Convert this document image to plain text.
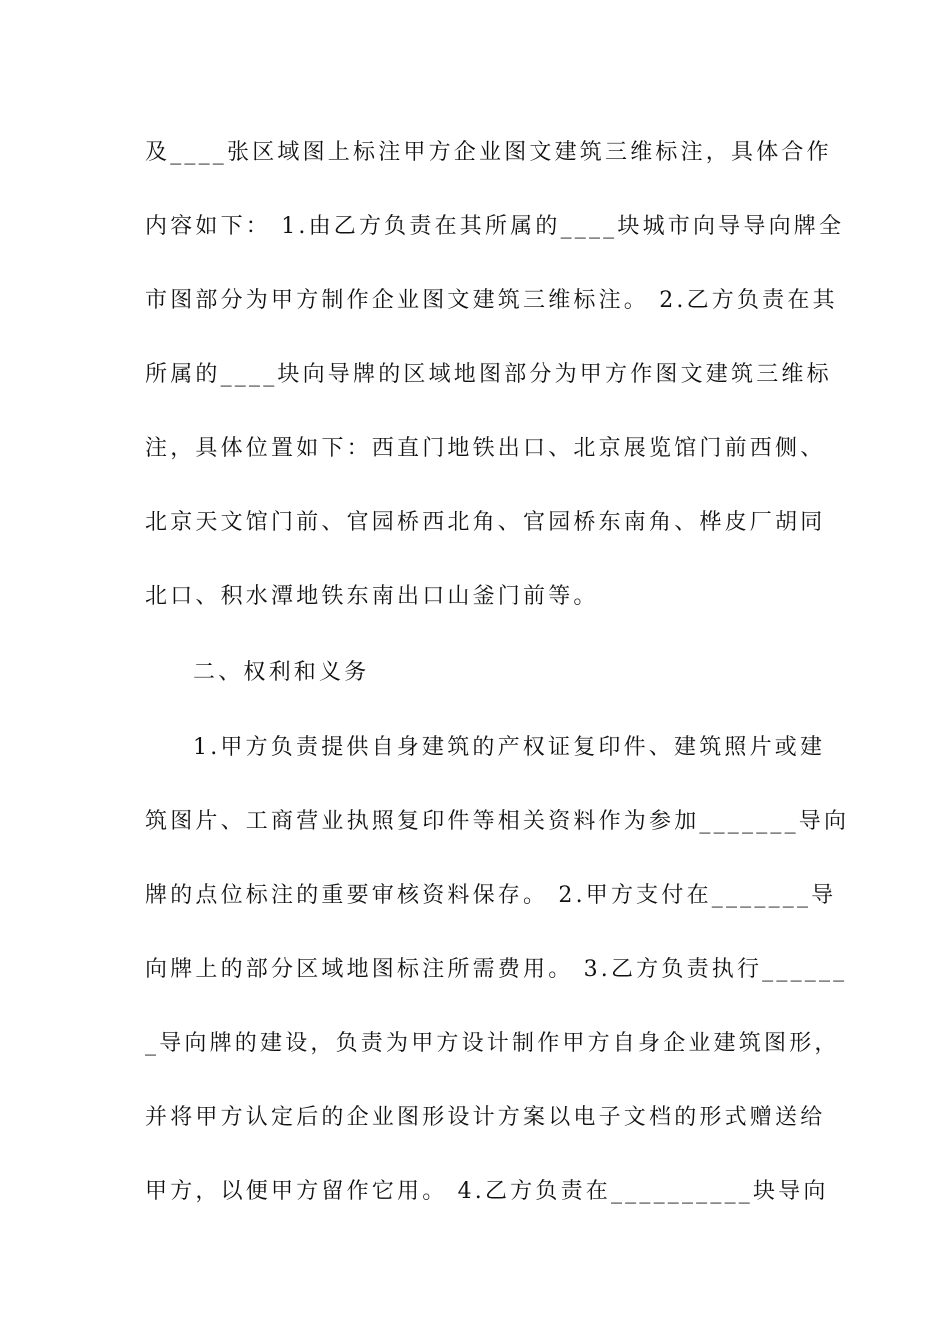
及____张区域图上标注甲方企业图文建筑三维标注，具体合作
内容如下： 1.由乙方负责在其所属的____块城市向导导向牌全
市图部分为甲方制作企业图文建筑三维标注。 2.乙方负责在其
所属的____块向导牌的区域地图部分为甲方作图文建筑三维标
注，具体位置如下：西直门地铁出口、北京展览馆门前西侧、
北京天文馆门前、官园桥西北角、官园桥东南角、桦皮厂胡同
北口、积水潭地铁东南出口山釜门前等。
二、权利和义务
1.甲方负责提供自身建筑的产权证复印件、建筑照片或建
筑图片、工商营业执照复印件等相关资料作为参加_______导向
牌的点位标注的重要审核资料保存。 2.甲方支付在_______导
向牌上的部分区域地图标注所需费用。 3.乙方负责执行______
_导向牌的建设，负责为甲方设计制作甲方自身企业建筑图形，
并将甲方认定后的企业图形设计方案以电子文档的形式赠送给
甲方，以便甲方留作它用。 4.乙方负责在__________块导向
